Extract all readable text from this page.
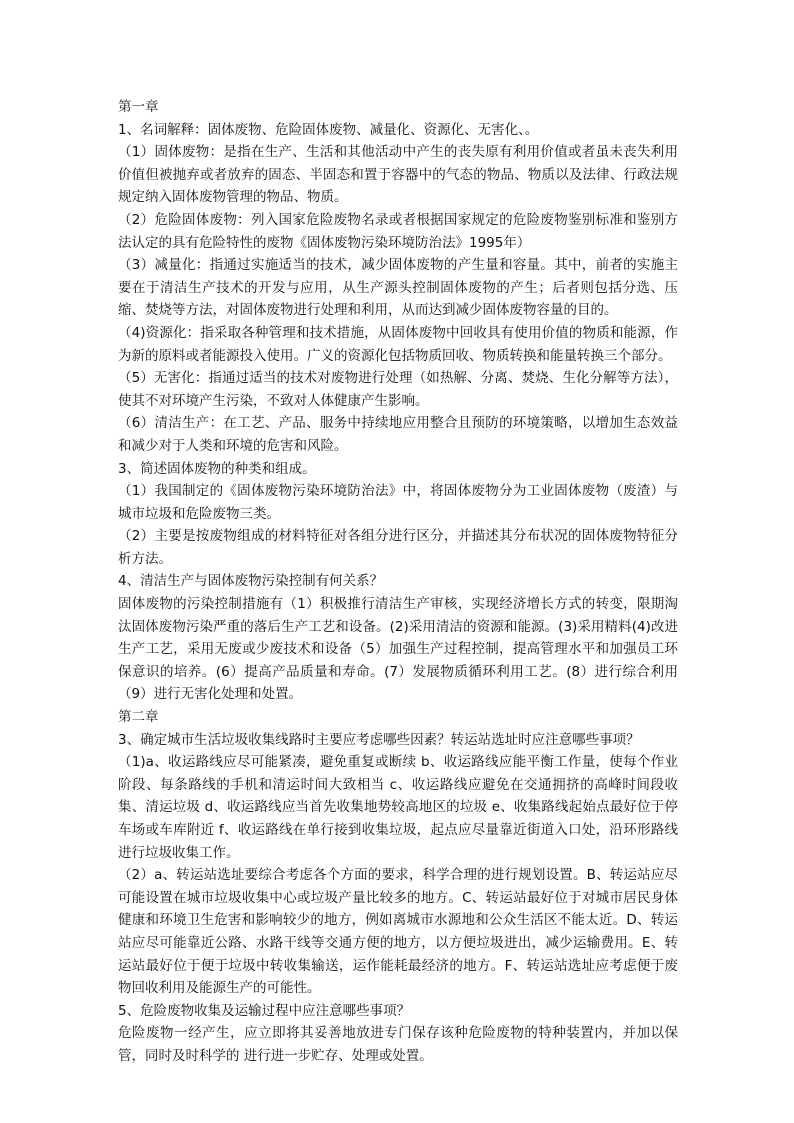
第一章

1、名词解释：固体废物、危险固体废物、减量化、资源化、无害化、。

（1）固体废物：是指在生产、生活和其他活动中产生的丧失原有利用价值或者虽未丧失利用价值但被抛弃或者放弃的固态、半固态和置于容器中的气态的物品、物质以及法律、行政法规规定纳入固体废物管理的物品、物质。

（2）危险固体废物：列入国家危险废物名录或者根据国家规定的危险废物鉴别标准和鉴别方法认定的具有危险特性的废物《固体废物污染环境防治法》1995年）

（3）减量化：指通过实施适当的技术，减少固体废物的产生量和容量。其中，前者的实施主要在于清洁生产技术的开发与应用，从生产源头控制固体废物的产生；后者则包括分选、压缩、焚烧等方法，对固体废物进行处理和利用，从而达到减少固体废物容量的目的。

（4)资源化：指采取各种管理和技术措施，从固体废物中回收具有使用价值的物质和能源，作为新的原料或者能源投入使用。广义的资源化包括物质回收、物质转换和能量转换三个部分。

（5）无害化：指通过适当的技术对废物进行处理（如热解、分离、焚烧、生化分解等方法），使其不对环境产生污染，不致对人体健康产生影响。

（6）清洁生产：在工艺、产品、服务中持续地应用整合且预防的环境策略，以增加生态效益和减少对于人类和环境的危害和风险。

3、简述固体废物的种类和组成。

（1）我国制定的《固体废物污染环境防治法》中，将固体废物分为工业固体废物（废渣）与城市垃圾和危险废物三类。

（2）主要是按废物组成的材料特征对各组分进行区分，并描述其分布状况的固体废物特征分析方法。

4、清洁生产与固体废物污染控制有何关系？

固体废物的污染控制措施有（1）积极推行清洁生产审核，实现经济增长方式的转变，限期淘汰固体废物污染严重的落后生产工艺和设备。(2)采用清洁的资源和能源。(3)采用精料(4)改进生产工艺，采用无废或少废技术和设备（5）加强生产过程控制，提高管理水平和加强员工环保意识的培养。(6）提高产品质量和寿命。(7）发展物质循环利用工艺。(8）进行综合利用（9）进行无害化处理和处置。

第二章

3、确定城市生活垃圾收集线路时主要应考虑哪些因素？转运站选址时应注意哪些事项？

（1)a、收运路线应尽可能紧凑，避免重复或断续 b、收运路线应能平衡工作量，使每个作业阶段、每条路线的手机和清运时间大致相当 c、收运路线应避免在交通拥挤的高峰时间段收集、清运垃圾 d、收运路线应当首先收集地势较高地区的垃圾 e、收集路线起始点最好位于停车场或车库附近 f、收运路线在单行接到收集垃圾，起点应尽量靠近街道入口处，沿环形路线进行垃圾收集工作。

（2）a、转运站选址要综合考虑各个方面的要求，科学合理的进行规划设置。B、转运站应尽可能设置在城市垃圾收集中心或垃圾产量比较多的地方。C、转运站最好位于对城市居民身体健康和环境卫生危害和影响较少的地方，例如离城市水源地和公众生活区不能太近。D、转运站应尽可能靠近公路、水路干线等交通方便的地方，以方便垃圾进出，减少运输费用。E、转运站最好位于便于垃圾中转收集输送，运作能耗最经济的地方。F、转运站选址应考虑便于废物回收利用及能源生产的可能性。

5、危险废物收集及运输过程中应注意哪些事项？

危险废物一经产生，应立即将其妥善地放进专门保存该种危险废物的特种装置内，并加以保管，同时及时科学的 进行进一步贮存、处理或处置。
